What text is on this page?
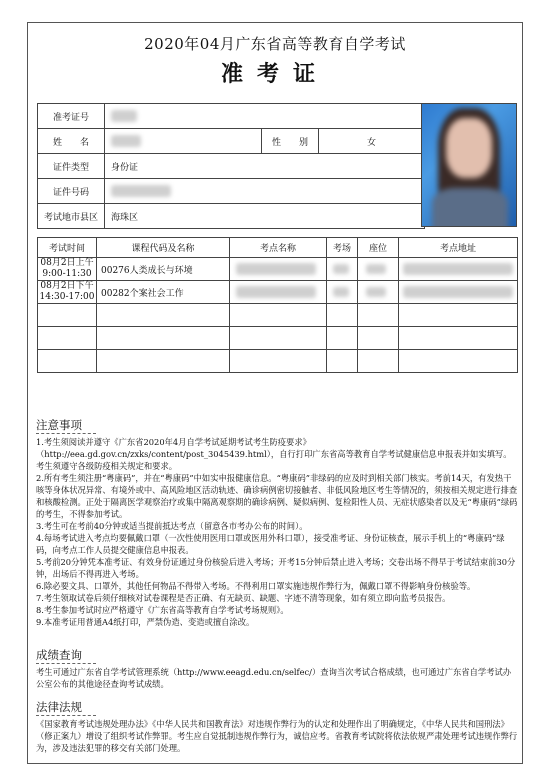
2020年04月广东省高等教育自学考试
准考证
准考证号			
姓　　名		性　　别	女
证件类型	身份证		
证件号码			
考试地市县区	海珠区		
考试时间	课程代码及名称	考点名称	考场	座位	考点地址
08月2日上午 9:00-11:30	00276人类成长与环境				
08月2日下午 14:30-17:00	00282个案社会工作				

注意事项
1.考生须阅读并遵守《广东省2020年4月自学考试延期考试考生防疫要求》（http://eea.gd.gov.cn/zxks/content/post_3045439.html），自行打印广东省高等教育自学考试健康信息申报表并如实填写。考生须遵守各级防疫相关规定和要求。
2.所有考生须注册“粤康码”，并在“粤康码”中如实申报健康信息。“粤康码”非绿码的应及时到相关部门核实。考前14天，有发热干咳等身体状况异常、有境外或中、高风险地区活动轨迹、确诊病例密切接触者、非低风险地区考生等情况的，须按相关规定进行排查和核酸检测。正处于隔离医学观察治疗或集中隔离观察期的确诊病例、疑似病例、复检阳性人员、无症状感染者以及无“粤康码”绿码的考生，不得参加考试。
3.考生可在考前40分钟或适当提前抵达考点（留意各市考办公布的时间）。
4.每场考试进入考点均要佩戴口罩（一次性使用医用口罩或医用外科口罩），接受准考证、身份证核查，展示手机上的“粤康码”绿码，向考点工作人员提交健康信息申报表。
5.考前20分钟凭本准考证、有效身份证通过身份核验后进入考场；开考15分钟后禁止进入考场；交卷出场不得早于考试结束前30分钟，出场后不得再进入考场。
6.除必要文具、口罩外，其他任何物品不得带入考场。不得利用口罩实施违规作弊行为，佩戴口罩不得影响身份核验等。
7.考生领取试卷后须仔细核对试卷课程是否正确、有无缺页、缺题、字迹不清等现象，如有须立即向监考员报告。
8.考生参加考试时应严格遵守《广东省高等教育自学考试考场规则》。
9.本准考证用普通A4纸打印，严禁伪造、变造或擅自涂改。
成绩查询
考生可通过广东省自学考试管理系统（http://www.eeagd.edu.cn/selfec/）查询当次考试合格成绩，也可通过广东省自学考试办公室公布的其他途径查询考试成绩。
法律法规
《国家教育考试违规处理办法》《中华人民共和国教育法》对违规作弊行为的认定和处理作出了明确规定，《中华人民共和国刑法》（修正案九）增设了组织考试作弊罪。考生应自觉抵制违规作弊行为，诚信应考。省教育考试院将依法依规严肃处理考试违规作弊行为，涉及违法犯罪的移交有关部门处理。
